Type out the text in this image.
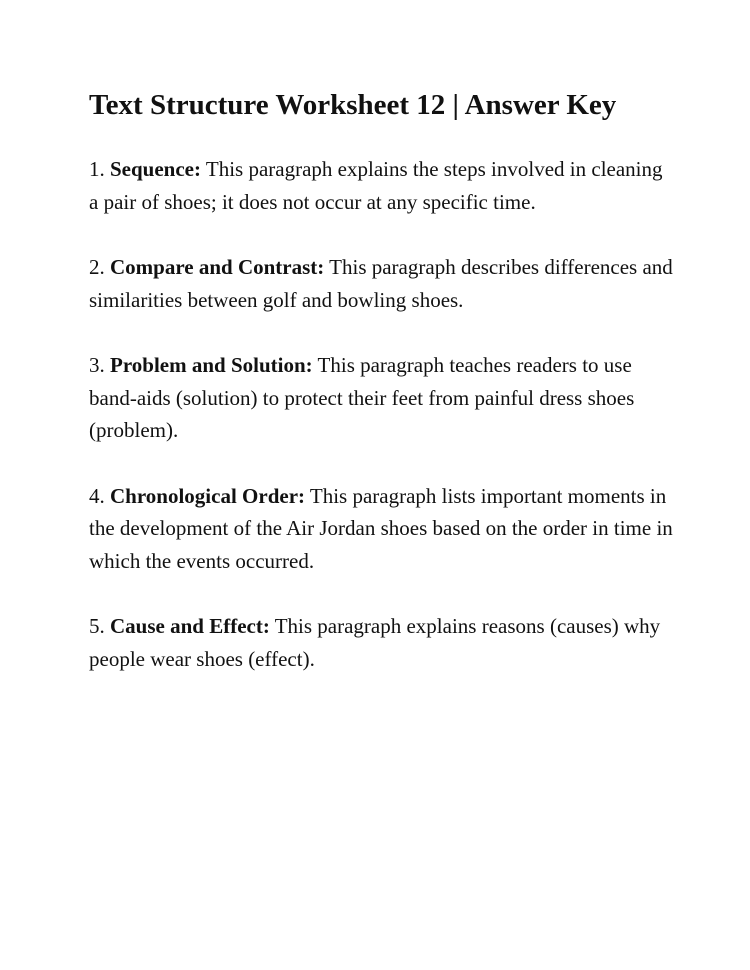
Text Structure Worksheet 12 | Answer Key
1. Sequence: This paragraph explains the steps involved in cleaning a pair of shoes; it does not occur at any specific time.
2. Compare and Contrast: This paragraph describes differences and similarities between golf and bowling shoes.
3. Problem and Solution: This paragraph teaches readers to use band-aids (solution) to protect their feet from painful dress shoes (problem).
4. Chronological Order: This paragraph lists important moments in the development of the Air Jordan shoes based on the order in time in which the events occurred.
5. Cause and Effect: This paragraph explains reasons (causes) why people wear shoes (effect).
